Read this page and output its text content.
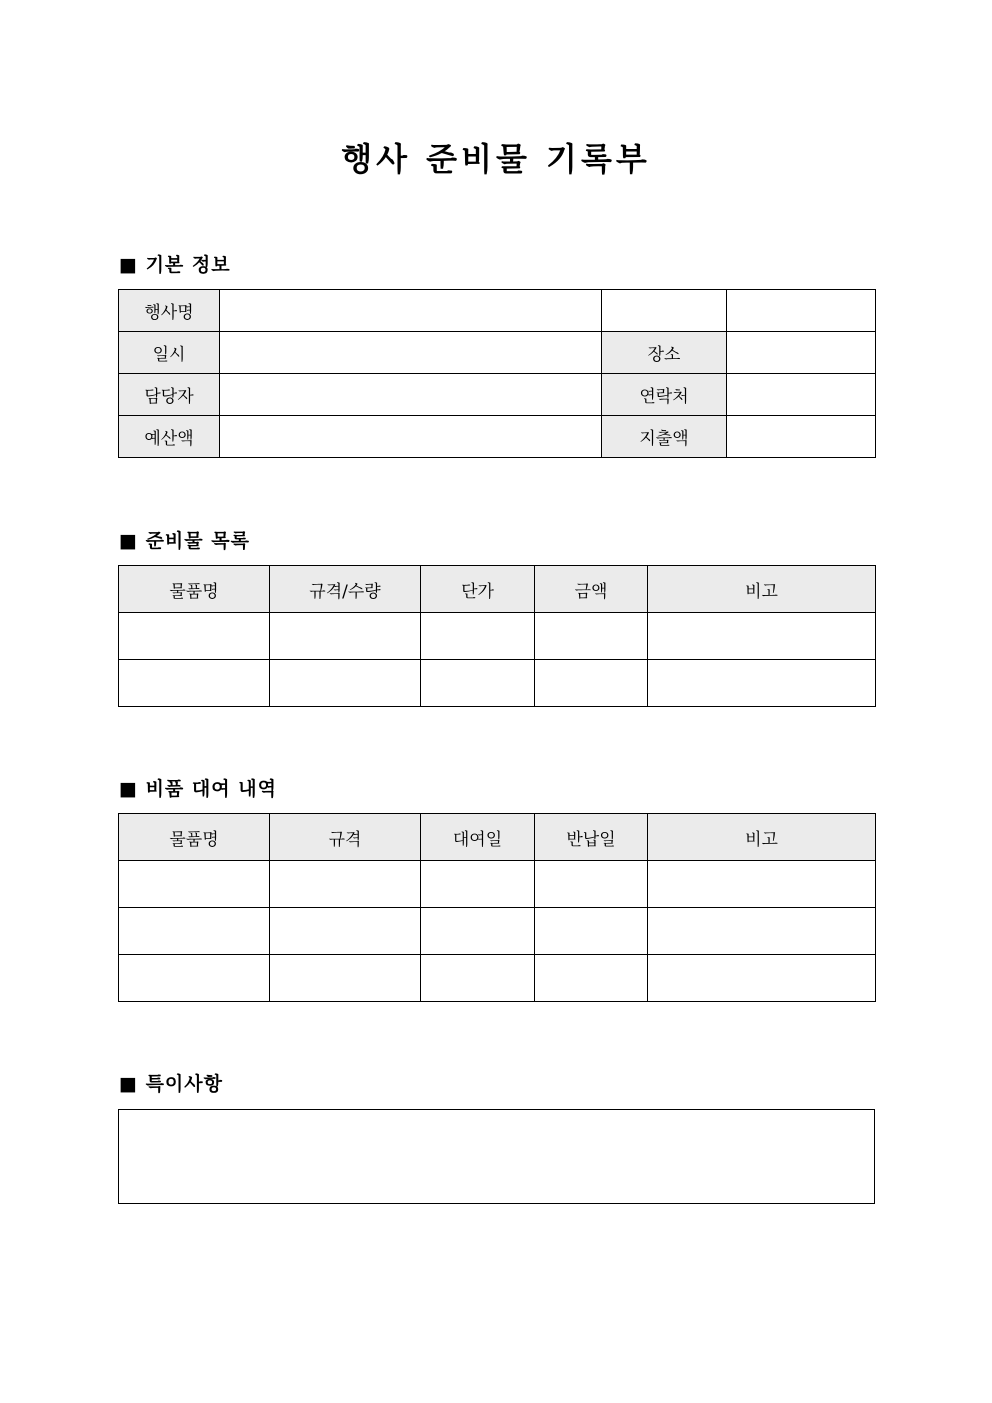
행사 준비물 기록부
■ 기본 정보
행사명			
일시		장소	
담당자		연락처	
예산액		지출액	
■ 준비물 목록
물품명	규격/수량	단가	금액	비고

■ 비품 대여 내역
물품명	규격	대여일	반납일	비고

■ 특이사항
